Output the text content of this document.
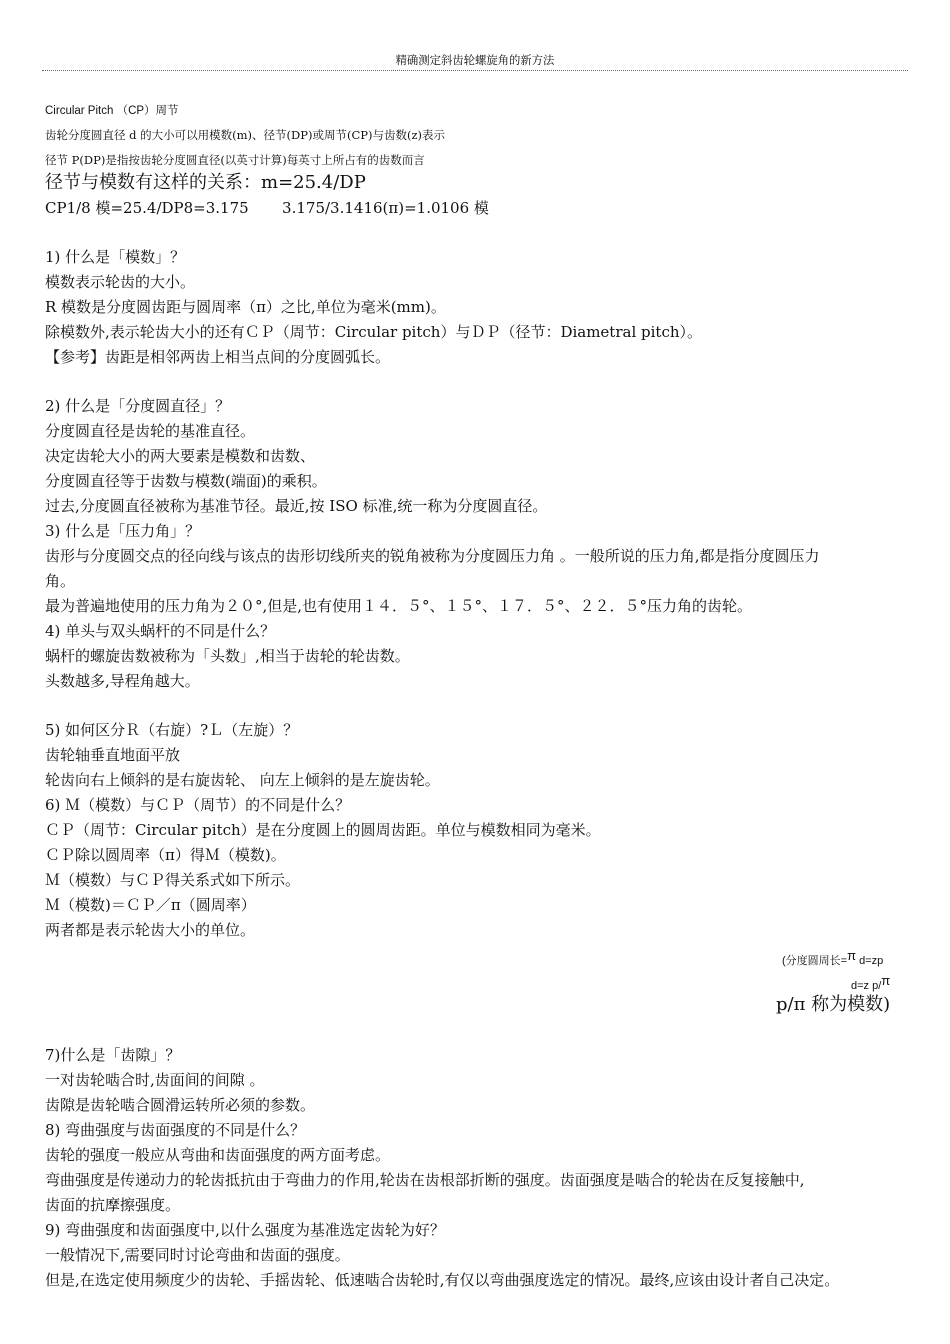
精确测定斜齿轮螺旋角的新方法
Circular Pitch （CP）周节
齿轮分度圆直径 d 的大小可以用模数(m)、径节(DP)或周节(CP)与齿数(z)表示
径节 P(DP)是指按齿轮分度圆直径(以英寸计算)每英寸上所占有的齿数而言
径节与模数有这样的关系：m=25.4/DP
CP1/8 模=25.4/DP8=3.175       3.175/3.1416(π)=1.0106 模
1) 什么是「模数」？
模数表示轮齿的大小。
R 模数是分度圆齿距与圆周率（π）之比,单位为毫米(mm)。
除模数外,表示轮齿大小的还有ＣＰ（周节：Circular pitch）与ＤＰ（径节：Diametral pitch）。
【参考】齿距是相邻两齿上相当点间的分度圆弧长。
2) 什么是「分度圆直径」？
分度圆直径是齿轮的基准直径。
决定齿轮大小的两大要素是模数和齿数、
分度圆直径等于齿数与模数(端面)的乘积。
过去,分度圆直径被称为基准节径。最近,按 ISO 标准,统一称为分度圆直径。
3) 什么是「压力角」？
齿形与分度圆交点的径向线与该点的齿形切线所夹的锐角被称为分度圆压力角 。一般所说的压力角,都是指分度圆压力
角。
最为普遍地使用的压力角为２０°,但是,也有使用１４．５°、１５°、１７．５°、２２．５°压力角的齿轮。
4) 单头与双头蜗杆的不同是什么？
蜗杆的螺旋齿数被称为「头数」,相当于齿轮的轮齿数。
头数越多,导程角越大。
5) 如何区分Ｒ（右旋）?Ｌ（左旋）？
齿轮轴垂直地面平放
轮齿向右上倾斜的是右旋齿轮、 向左上倾斜的是左旋齿轮。
6) Ｍ（模数）与ＣＰ（周节）的不同是什么？
ＣＰ（周节：Circular pitch）是在分度圆上的圆周齿距。单位与模数相同为毫米。
ＣＰ除以圆周率（π）得Ｍ（模数)。
Ｍ（模数）与ＣＰ得关系式如下所示。
Ｍ（模数)＝ＣＰ／π（圆周率）
两者都是表示轮齿大小的单位。
(分度圆周长=π d=zp
d=z p/π
p/π 称为模数)
7)什么是「齿隙」？
一对齿轮啮合时,齿面间的间隙 。
齿隙是齿轮啮合圆滑运转所必须的参数。
8) 弯曲强度与齿面强度的不同是什么？
齿轮的强度一般应从弯曲和齿面强度的两方面考虑。
弯曲强度是传递动力的轮齿抵抗由于弯曲力的作用,轮齿在齿根部折断的强度。齿面强度是啮合的轮齿在反复接触中,
齿面的抗摩擦强度。
9) 弯曲强度和齿面强度中,以什么强度为基准选定齿轮为好？
一般情况下,需要同时讨论弯曲和齿面的强度。
但是,在选定使用频度少的齿轮、手摇齿轮、低速啮合齿轮时,有仅以弯曲强度选定的情况。最终,应该由设计者自己决定。
